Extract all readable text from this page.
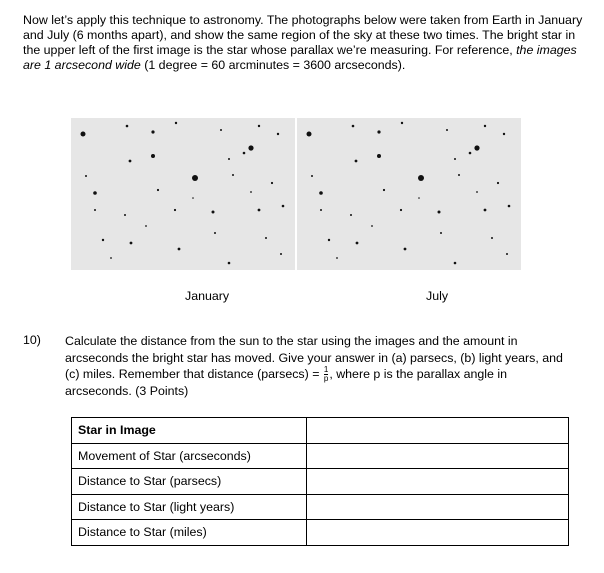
Now let’s apply this technique to astronomy. The photographs below were taken from Earth in January and July (6 months apart), and show the same region of the sky at these two times. The bright star in the upper left of the first image is the star whose parallax we’re measuring. For reference, the images are 1 arcsecond wide (1 degree = 60 arcminutes = 3600 arcseconds).

January	July
10) Calculate the distance from the sun to the star using the images and the amount in arcseconds the bright star has moved. Give your answer in (a) parsecs, (b) light years, and (c) miles. Remember that distance $(parsecs) = \frac{1}{p}$ , where p is the parallax angle in arcseconds. (3 Points)

Star in Image	
Movement of Star (arcseconds)	
Distance to Star (parsecs)	
Distance to Star (light years)	
Distance to Star (miles)	
